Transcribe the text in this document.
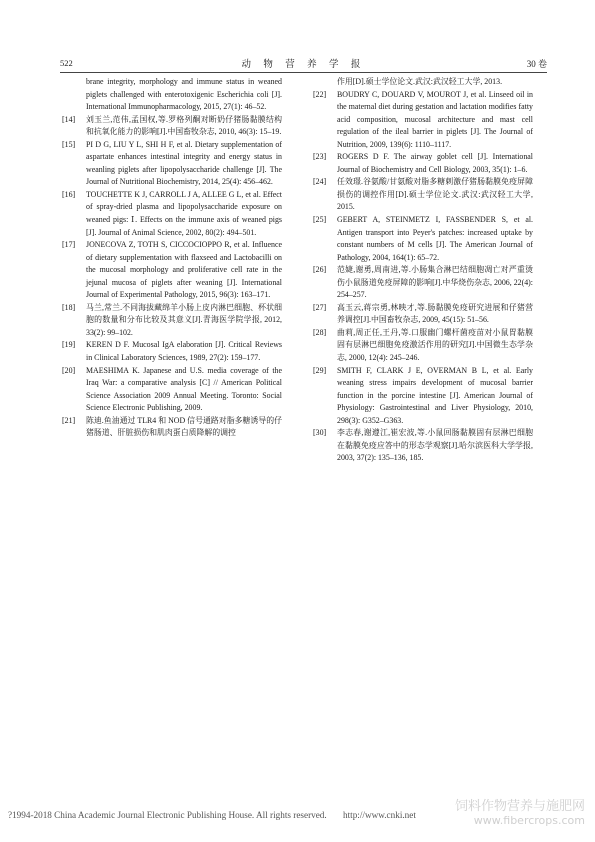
522	动 物 营 养 学 报	30 卷

brane integrity, morphology and immune status in weaned piglets challenged with enterotoxigenic Escherichia coli [J]. International Immunopharmacology, 2015, 27(1): 46–52.

[ 14 ]	刘玉兰,范伟,孟国权,等.罗格列酮对断奶仔猪肠黏膜结构和抗氧化能力的影响[J].中国畜牧杂志, 2010, 46(3): 15–19.

[ 15 ]	PI D G, LIU Y L, SHI H F, et al. Dietary supplementation of aspartate enhances intestinal integrity and energy status in weanling piglets after lipopolysaccharide challenge [J]. The Journal of Nutritional Biochemistry, 2014, 25(4): 456–462.

[ 16 ]	TOUCHETTE K J, CARROLL J A, ALLEE G L, et al. Effect of spray-dried plasma and lipopolysaccharide exposure on weaned pigs: Ⅰ. Effects on the immune axis of weaned pigs [J]. Journal of Animal Science, 2002, 80(2): 494–501.

[ 17 ]	JONECOVA Z, TOTH S, CICCOCIOPPO R, et al. Influence of dietary supplementation with flaxseed and Lactobacilli on the mucosal morphology and proliferative cell rate in the jejunal mucosa of piglets after weaning [J]. International Journal of Experimental Pathology, 2015, 96(3): 163–171.

[ 18 ]	马兰,常兰.不同海拔藏绵羊小肠上皮内淋巴细胞、杯状细胞的数量和分布比较及其意义[J].青海医学院学报, 2012, 33(2): 99–102.

[ 19 ]	KEREN D F. Mucosal IgA elaboration [J]. Critical Reviews in Clinical Laboratory Sciences, 1989, 27(2): 159–177.

[ 20 ]	MAESHIMA K. Japanese and U.S. media coverage of the Iraq War: a comparative analysis [C] // American Political Science Association 2009 Annual Meeting. Toronto: Social Science Electronic Publishing, 2009.

[ 21 ]	陈迪.鱼油通过 TLR4 和 NOD 信号通路对脂多糖诱导的仔猪肠道、肝脏损伤和肌肉蛋白质降解的调控

作用[D].硕士学位论文.武汉:武汉轻工大学, 2013.

[ 22 ]	BOUDRY C, DOUARD V, MOUROT J, et al. Linseed oil in the maternal diet during gestation and lactation modifies fatty acid composition, mucosal architecture and mast cell regulation of the ileal barrier in piglets [J]. The Journal of Nutrition, 2009, 139(6): 1110–1117.

[ 23 ]	ROGERS D F. The airway goblet cell [J]. International Journal of Biochemistry and Cell Biology, 2003, 35(1): 1–6.

[ 24 ]	任效璟.谷氨酸/甘氨酸对脂多糖刺激仔猪肠黏膜免疫屏障损伤的调控作用[D].硕士学位论文.武汉:武汉轻工大学, 2015.

[ 25 ]	GEBERT A, STEINMETZ I, FASSBENDER S, et al. Antigen transport into Peyer's patches: increased uptake by constant numbers of M cells [J]. The American Journal of Pathology, 2004, 164(1): 65–72.

[ 26 ]	范婕,谢勇,周南进,等.小肠集合淋巴结细胞凋亡对严重烫伤小鼠肠道免疫屏障的影响[J].中华烧伤杂志, 2006, 22(4): 254–257.

[ 27 ]	高玉云,蒋宗勇,林映才,等.肠黏膜免疫研究进展和仔猪营养调控[J].中国畜牧杂志, 2009, 45(15): 51–56.

[ 28 ]	曲莉,周正任,王丹,等.口服幽门螺杆菌疫苗对小鼠胃黏膜固有层淋巴细胞免疫激活作用的研究[J].中国微生态学杂志, 2000, 12(4): 245–246.

[ 29 ]	SMITH F, CLARK J E, OVERMAN B L, et al. Early weaning stress impairs development of mucosal barrier function in the porcine intestine [J]. American Journal of Physiology: Gastrointestinal and Liver Physiology, 2010, 298(3): G352–G363.

[ 30 ]	李志春,谢遵江,崔宏波,等.小鼠回肠黏膜固有层淋巴细胞在黏膜免疫应答中的形态学观察[J].哈尔滨医科大学学报, 2003, 37(2): 135–136, 185.

?1994-2018 China Academic Journal Electronic Publishing House. All rights reserved. http://www.cnki.net
饲料作物营养与施肥网
www.fibercrops.com
